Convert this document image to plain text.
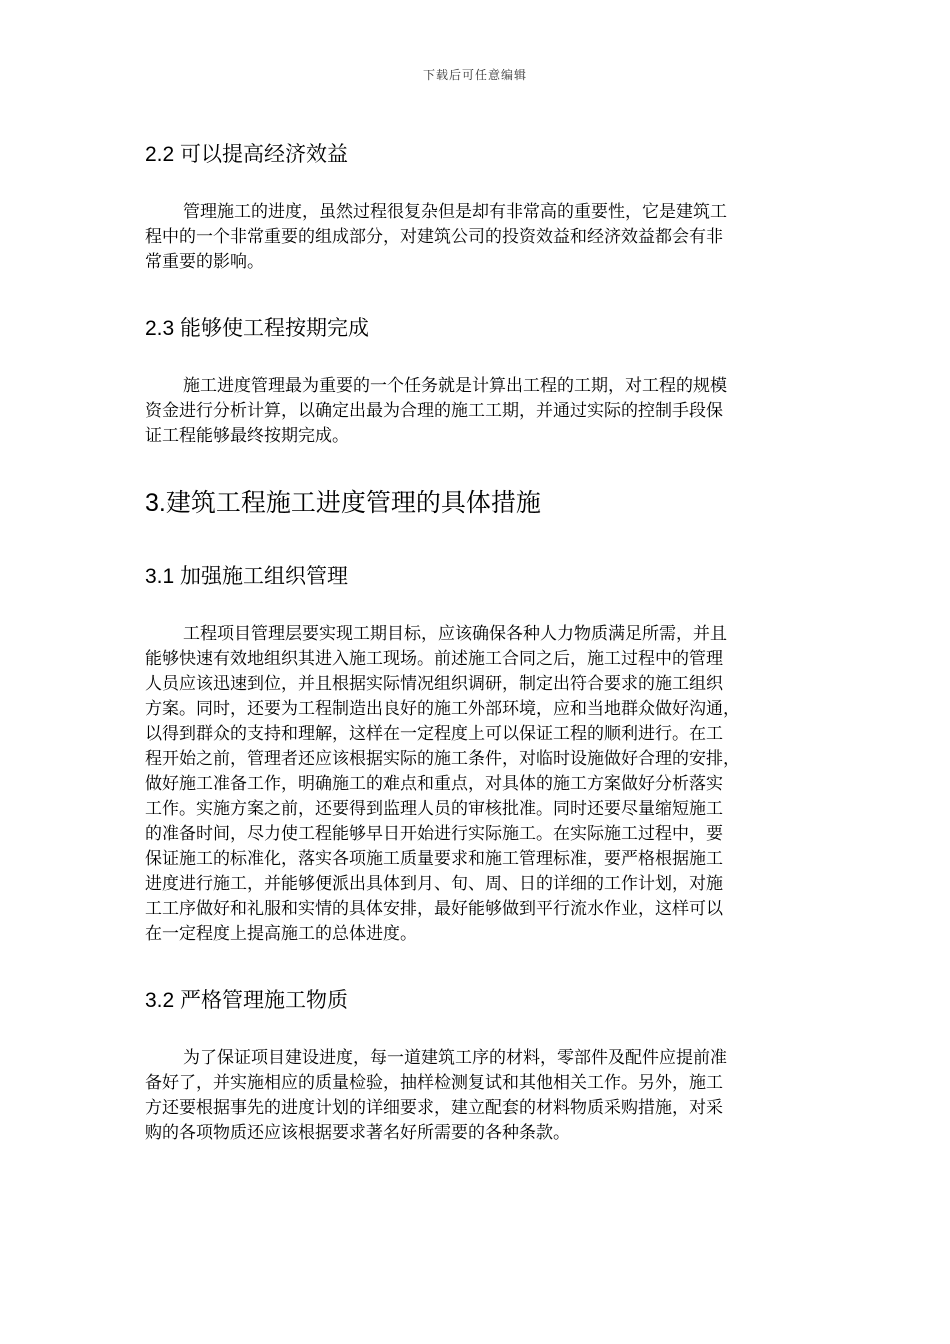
下载后可任意编辑
2.2 可以提高经济效益

管理施工的进度，虽然过程很复杂但是却有非常高的重要性，它是建筑工
程中的一个非常重要的组成部分，对建筑公司的投资效益和经济效益都会有非
常重要的影响。

2.3 能够使工程按期完成

施工进度管理最为重要的一个任务就是计算出工程的工期，对工程的规模
资金进行分析计算，以确定出最为合理的施工工期，并通过实际的控制手段保
证工程能够最终按期完成。

3.建筑工程施工进度管理的具体措施
3.1 加强施工组织管理

工程项目管理层要实现工期目标，应该确保各种人力物质满足所需，并且
能够快速有效地组织其进入施工现场。前述施工合同之后，施工过程中的管理
人员应该迅速到位，并且根据实际情况组织调研，制定出符合要求的施工组织
方案。同时，还要为工程制造出良好的施工外部环境，应和当地群众做好沟通，
以得到群众的支持和理解，这样在一定程度上可以保证工程的顺利进行。在工
程开始之前，管理者还应该根据实际的施工条件，对临时设施做好合理的安排，
做好施工准备工作，明确施工的难点和重点，对具体的施工方案做好分析落实
工作。实施方案之前，还要得到监理人员的审核批准。同时还要尽量缩短施工
的准备时间，尽力使工程能够早日开始进行实际施工。在实际施工过程中，要
保证施工的标准化，落实各项施工质量要求和施工管理标准，要严格根据施工
进度进行施工，并能够便派出具体到月、旬、周、日的详细的工作计划，对施
工工序做好和礼服和实情的具体安排，最好能够做到平行流水作业，这样可以
在一定程度上提高施工的总体进度。

3.2 严格管理施工物质

为了保证项目建设进度，每一道建筑工序的材料，零部件及配件应提前准
备好了，并实施相应的质量检验，抽样检测复试和其他相关工作。另外，施工
方还要根据事先的进度计划的详细要求，建立配套的材料物质采购措施，对采
购的各项物质还应该根据要求著名好所需要的各种条款。
